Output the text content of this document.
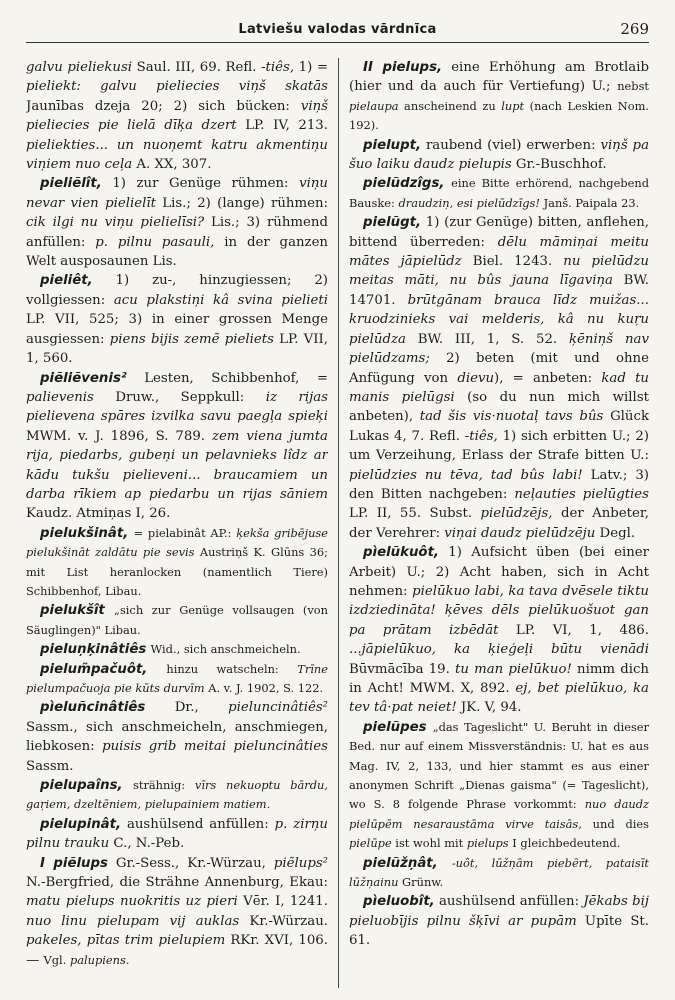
Latviešu valodas vārdnīca	269

galvu pieliekusi Saul. III, 69. Refl. -tiês, 1) = pieliekt: galvu pieliecies viņš skatās Jaunības dzeja 20; 2) sich bücken: viņš pieliecies pie lielā dīķa dzert LP. IV, 213. pieliekties... un nuoņemt katru akmentiņu viņiem nuo ceļa A. XX, 307.

pieliẽlît, 1) zur Genüge rühmen: viņu nevar vien pielielīt Lis.; 2) (lange) rühmen: cik ilgi nu viņu pielielīsi? Lis.; 3) rühmend anfüllen: p. pilnu pasauli, in der ganzen Welt ausposaunen Lis.

pieliêt, 1) zu-, hinzugiessen; 2) vollgiessen: acu plakstiņi kâ svina pielieti LP. VII, 525; 3) in einer grossen Menge ausgiessen: piens bijis zemẽ pieliets LP. VII, 1, 560.

piẽliẽvenis² Lesten, Schibbenhof, = palievenis Druw., Seppkull: iz rijas pielievena spāres izvilka savu paegļa spieķi MWM. v. J. 1896, S. 789. zem viena jumta rija, piedarbs, gubeņi un pelavnieks lîdz ar kādu tukšu pielieveni... braucamiem un darba rīkiem ap piedarbu un rijas sāniem Kaudz. Atmiņas I, 26.

pielukšinât, = pielabinât AP.: ķekša gribējuse pielukšināt zaldātu pie sevis Austriņš K. Glūns 36; mit List heranlocken (namentlich Tiere) Schibbenhof, Libau.

pielukšît „sich zur Genüge vollsaugen (von Säuglingen)" Libau.

pieluņķinâtiês Wid., sich anschmeicheln.

pielum̃pačuôt, hinzu watscheln: Trīne pielumpačuoja pie kūts durvīm A. v. J. 1902, S. 122.

pìeluñcinâtiês Dr., pieluncinâtiês² Sassm., sich anschmeicheln, anschmiegen, liebkosen: puisis grib meitai pieluncinâties Sassm.

pielupaîns, strähnig: vīrs nekuoptu bārdu, gaŗiem, dzeltēniem, pielupainiem matiem.

pielupinât, aushülsend anfüllen: p. zirņu pilnu trauku C., N.-Peb.

I piẽlups Gr.-Sess., Kr.-Würzau, piẽlups² N.-Bergfried, die Strähne Annenburg, Ekau: matu pielups nuokritis uz pieri Vēr. I, 1241. nuo linu pielupam vij auklas Kr.-Würzau. pakeles, pītas trim pielupiem RKr. XVI, 106. — Vgl. palupiens.

II pielups, eine Erhöhung am Brotlaib (hier und da auch für Vertiefung) U.; nebst pielaupa anscheinend zu lupt (nach Leskien Nom. 192).

pielupt, raubend (viel) erwerben: viņš pa šuo laiku daudz pielupis Gr.-Buschhof.

pielũdzîgs, eine Bitte erhörend, nachgebend Bauske: draudziņ, esi pielūdzīgs! Janš. Paipala 23.

pielũgt, 1) (zur Genüge) bitten, anflehen, bittend überreden: dēlu māmiņai meitu mātes jāpielūdz Biel. 1243. nu pielūdzu meitas māti, nu bûs jauna līgaviņa BW. 14701. brūtgānam brauca līdz muižas... kruodzinieks vai melderis, kâ nu kuŗu pielūdza BW. III, 1, S. 52. ķēniņš nav pielūdzams; 2) beten (mit und ohne Anfügung von dievu), = anbeten: kad tu manis pielūgsi (so du nun mich willst anbeten), tad šis vis·nuotaļ tavs bûs Glück Lukas 4, 7. Refl. -tiês, 1) sich erbitten U.; 2) um Verzeihung, Erlass der Strafe bitten U.: pielūdzies nu tēva, tad bûs labi! Latv.; 3) den Bitten nachgeben: neļauties pielūgties LP. II, 55. Subst. pielūdzējs, der Anbeter, der Verehrer: viņai daudz pielūdzēju Degl.

pìelũkuôt, 1) Aufsicht üben (bei einer Arbeit) U.; 2) Acht haben, sich in Acht nehmen: pielūkuo labi, ka tava dvēsele tiktu izdziedināta! ķēves dēls pielūkuošuot gan pa prātam izbēdāt LP. VI, 1, 486. ...jāpielūkuo, ka ķieģeļi būtu vienādi Būvmācība 19. tu man pielūkuo! nimm dich in Acht! MWM. X, 892. ej, bet pielūkuo, ka tev tâ·pat neiet! JK. V, 94.

pielũpes „das Tageslicht" U. Beruht in dieser Bed. nur auf einem Missverständnis: U. hat es aus Mag. IV, 2, 133, und hier stammt es aus einer anonymen Schrift „Dienas gaisma" (= Tageslicht), wo S. 8 folgende Phrase vorkommt: nuo daudz pielūpēm nesaraustāma virve taisās, und dies pielūpe ist wohl mit pielups I gleichbedeutend.

pielũžņât, -uôt, lūžņām piebērt, pataisīt lūžņainu Grünw.

pìeluobît, aushülsend anfüllen: Jēkabs bij pieluobījis pilnu šķīvi ar pupām Upīte St. 61.
